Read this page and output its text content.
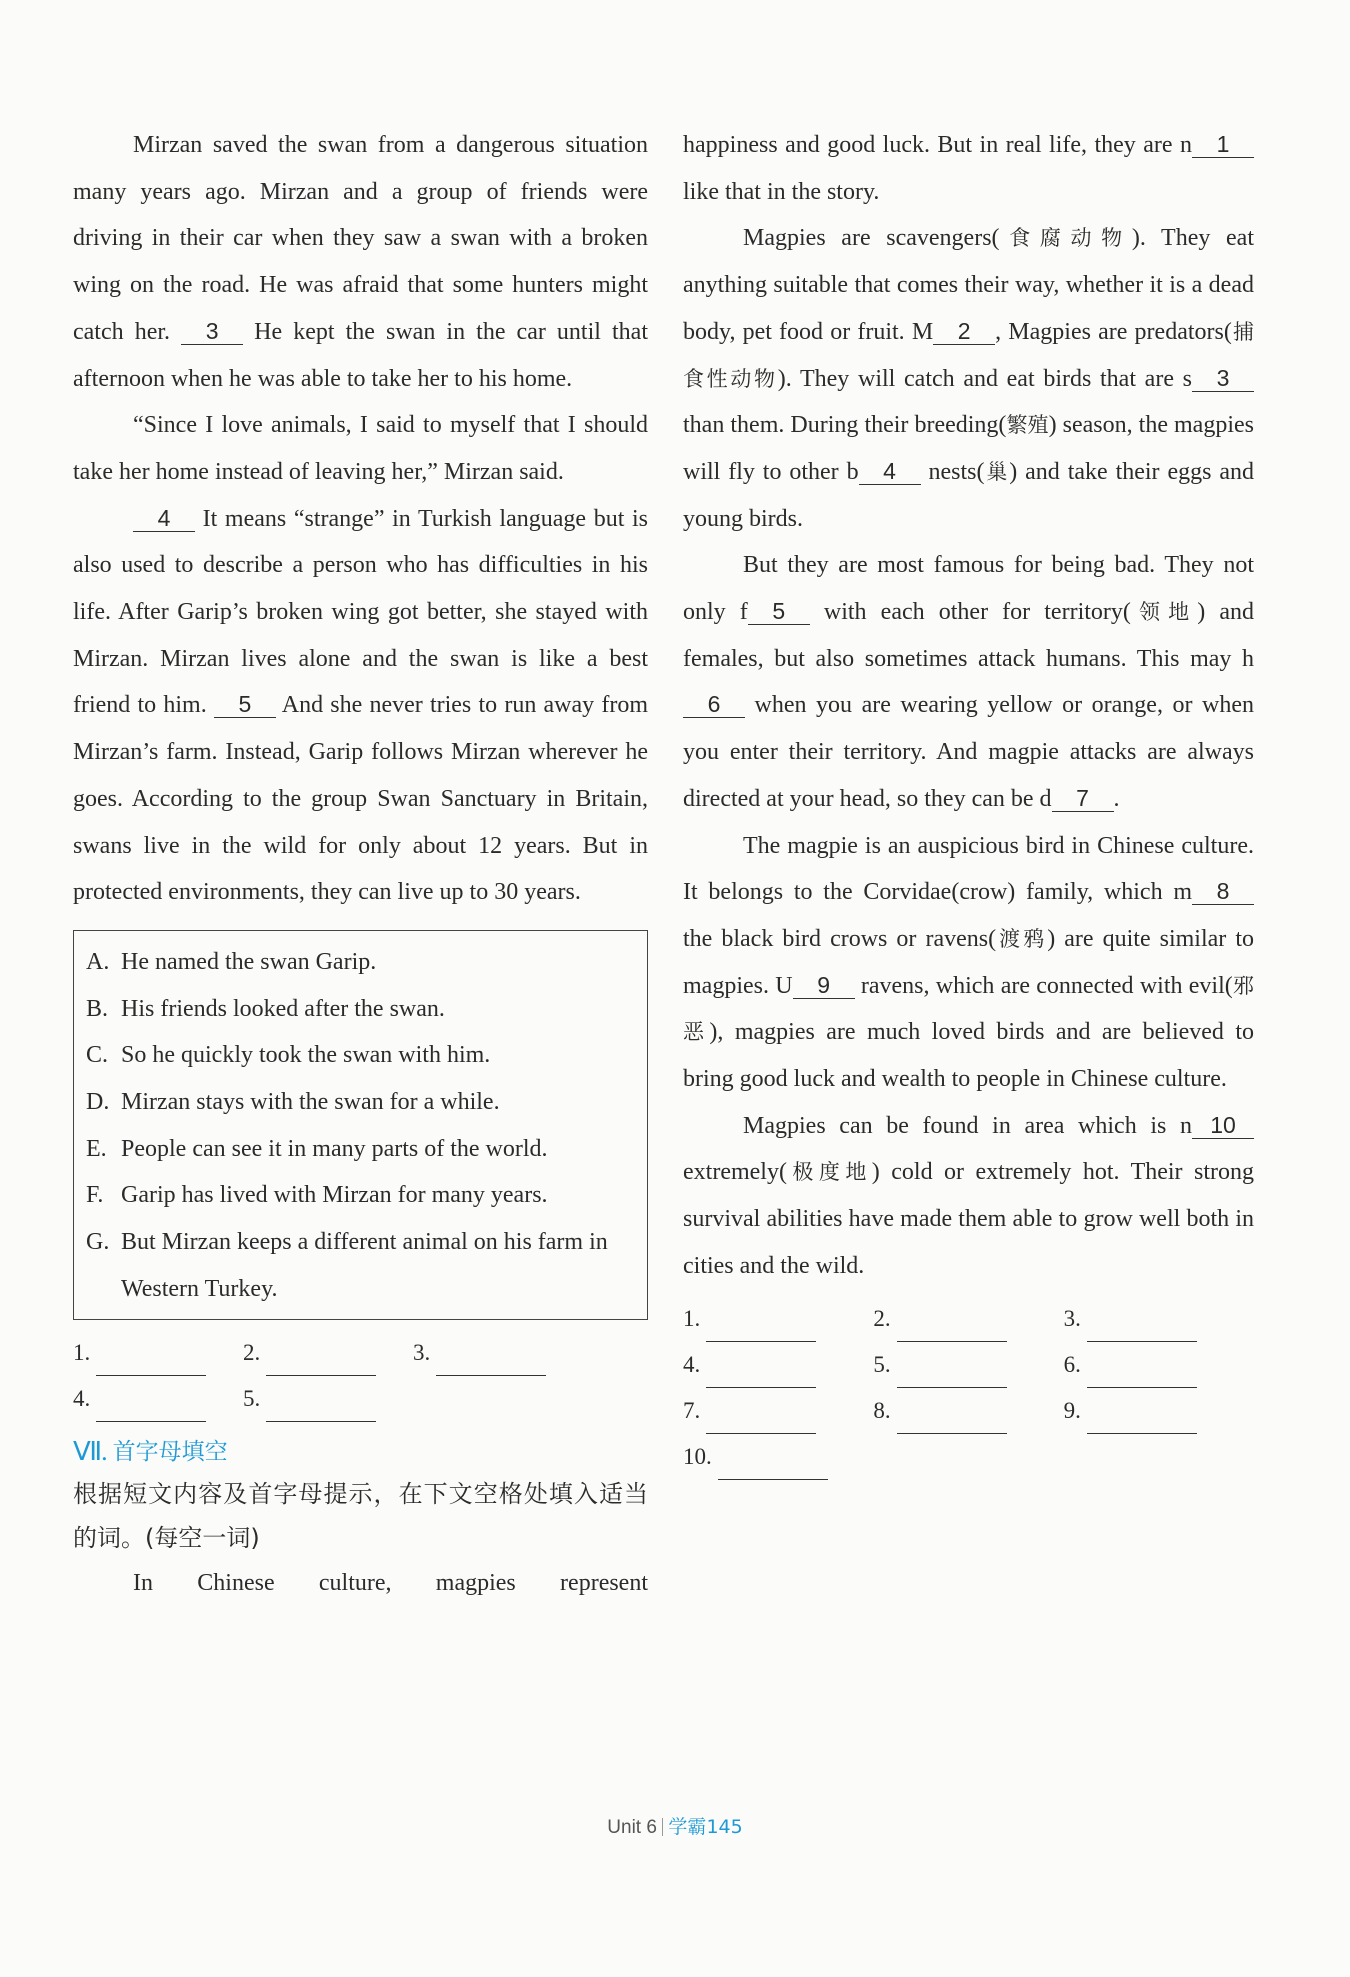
Mirzan saved the swan from a dangerous situation many years ago. Mirzan and a group of friends were driving in their car when they saw a swan with a broken wing on the road. He was afraid that some hunters might catch her. 3 He kept the swan in the car until that afternoon when he was able to take her to his home.

“Since I love animals, I said to myself that I should take her home instead of leaving her,” Mirzan said.

4 It means “strange” in Turkish language but is also used to describe a person who has difficulties in his life. After Garip’s broken wing got better, she stayed with Mirzan. Mirzan lives alone and the swan is like a best friend to him. 5 And she never tries to run away from Mirzan’s farm. Instead, Garip follows Mirzan wherever he goes. According to the group Swan Sanctuary in Britain, swans live in the wild for only about 12 years. But in protected environments, they can live up to 30 years.

A. He named the swan Garip.
B. His friends looked after the swan.
C. So he quickly took the swan with him.
D. Mirzan stays with the swan for a while.
E. People can see it in many parts of the world.
F. Garip has lived with Mirzan for many years.
G. But Mirzan keeps a different animal on his farm in Western Turkey.
1.	2.	3.
4.	5.
Ⅶ. 首字母填空

根据短文内容及首字母提示，在下文空格处填入适当的词。(每空一词)

In Chinese culture, magpies represent

happiness and good luck. But in real life, they are n 1 like that in the story.

Magpies are scavengers(食腐动物). They eat anything suitable that comes their way, whether it is a dead body, pet food or fruit. M 2 , Magpies are predators(捕食性动物). They will catch and eat birds that are s 3 than them. During their breeding(繁殖) season, the magpies will fly to other b 4 nests(巢) and take their eggs and young birds.

But they are most famous for being bad. They not only f 5 with each other for territory(领地) and females, but also sometimes attack humans. This may h6 when you are wearing yellow or orange, or when you enter their territory. And magpie attacks are always directed at your head, so they can be d 7 .

The magpie is an auspicious bird in Chinese culture. It belongs to the Corvidae(crow) family, which m 8 the black bird crows or ravens(渡鸦) are quite similar to magpies. U 9 ravens, which are connected with evil(邪恶), magpies are much loved birds and are believed to bring good luck and wealth to people in Chinese culture.

Magpies can be found in area which is n 10 extremely(极度地) cold or extremely hot. Their strong survival abilities have made them able to grow well both in cities and the wild.

1.	2.	3.
4.	5.	6.
7.	8.	9.
10.
Unit 6 学霸145
